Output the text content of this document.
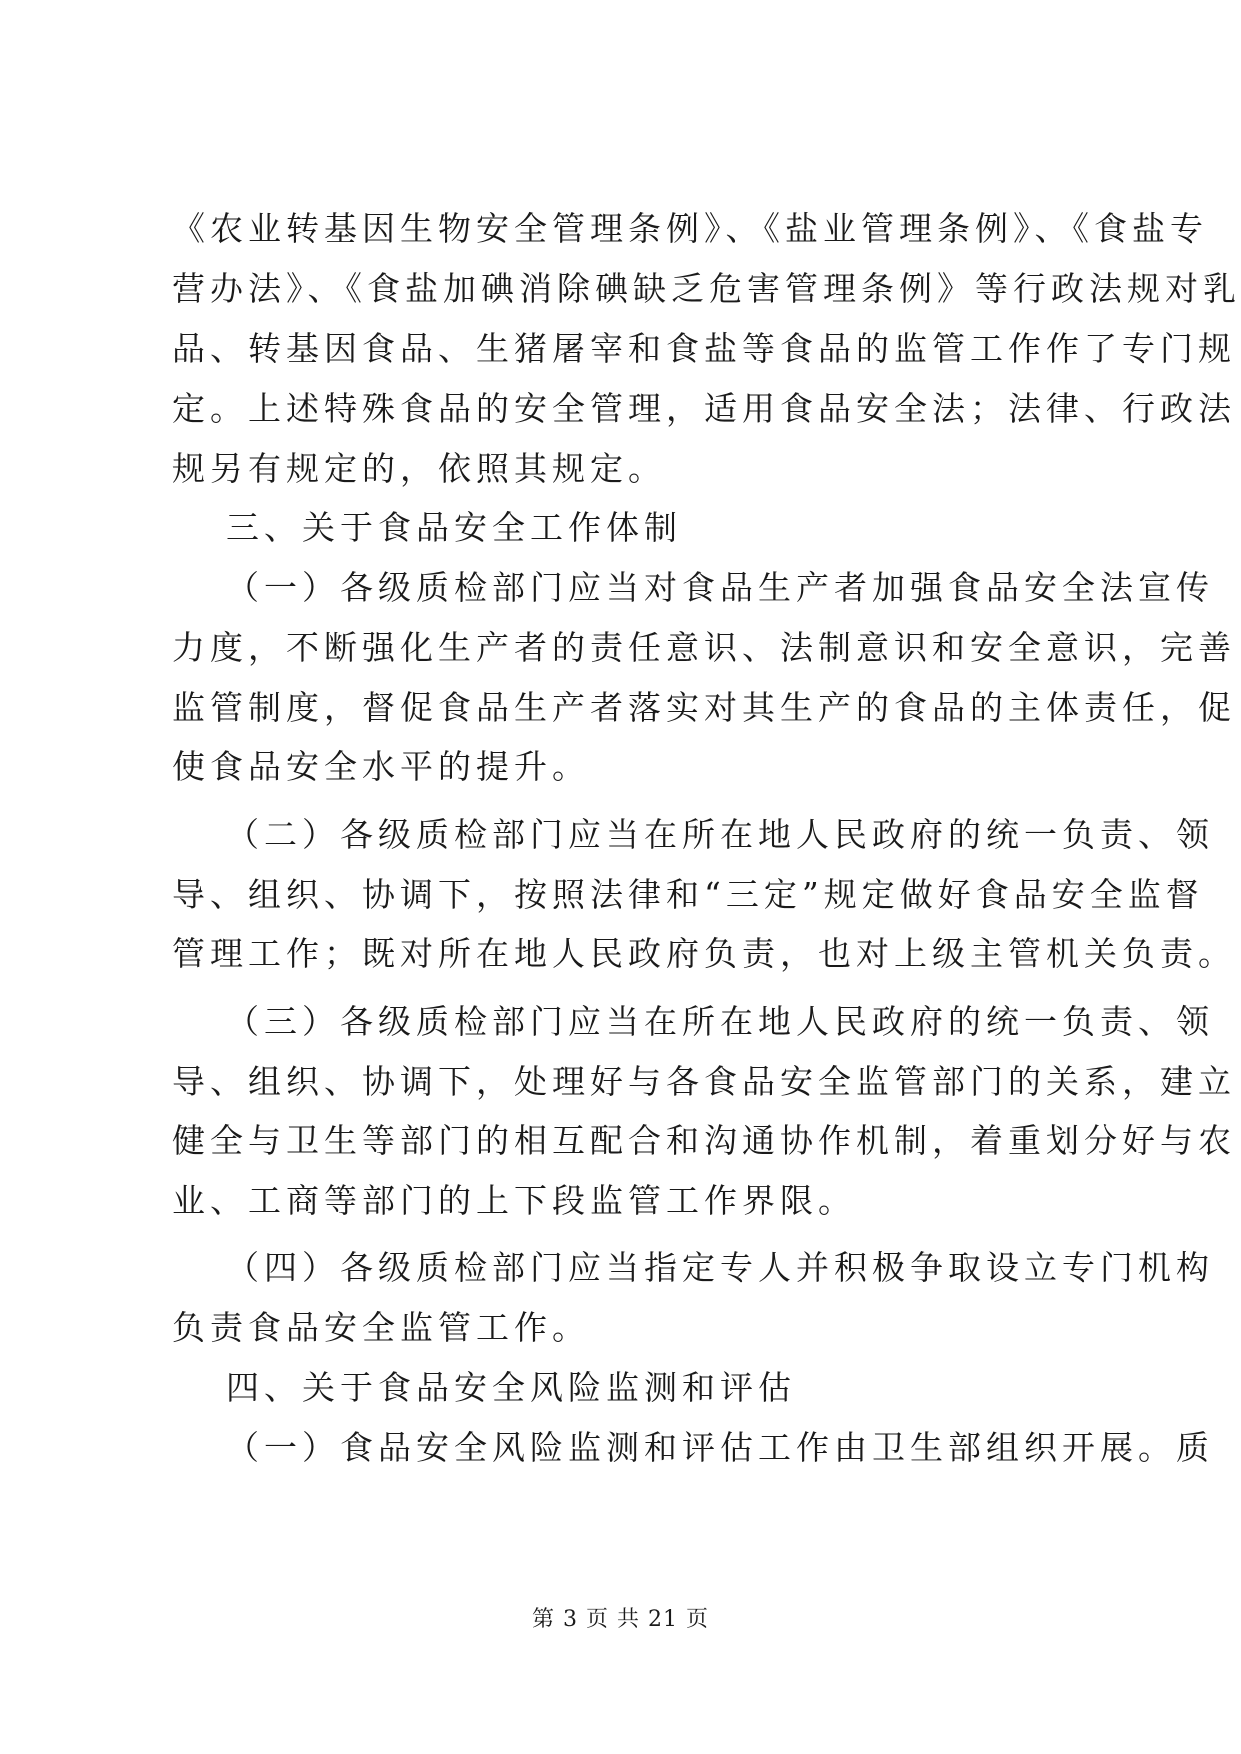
《农业转基因生物安全管理条例》、《盐业管理条例》、《食盐专
营办法》、《食盐加碘消除碘缺乏危害管理条例》等行政法规对乳
品、转基因食品、生猪屠宰和食盐等食品的监管工作作了专门规
定。上述特殊食品的安全管理，适用食品安全法；法律、行政法
规另有规定的，依照其规定。
三、关于食品安全工作体制
（一）各级质检部门应当对食品生产者加强食品安全法宣传
力度，不断强化生产者的责任意识、法制意识和安全意识，完善
监管制度，督促食品生产者落实对其生产的食品的主体责任，促
使食品安全水平的提升。
（二）各级质检部门应当在所在地人民政府的统一负责、领
导、组织、协调下，按照法律和“三定”规定做好食品安全监督
管理工作；既对所在地人民政府负责，也对上级主管机关负责。
（三）各级质检部门应当在所在地人民政府的统一负责、领
导、组织、协调下，处理好与各食品安全监管部门的关系，建立
健全与卫生等部门的相互配合和沟通协作机制，着重划分好与农
业、工商等部门的上下段监管工作界限。
（四）各级质检部门应当指定专人并积极争取设立专门机构
负责食品安全监管工作。
四、关于食品安全风险监测和评估
（一）食品安全风险监测和评估工作由卫生部组织开展。质
第 3 页 共 21 页
